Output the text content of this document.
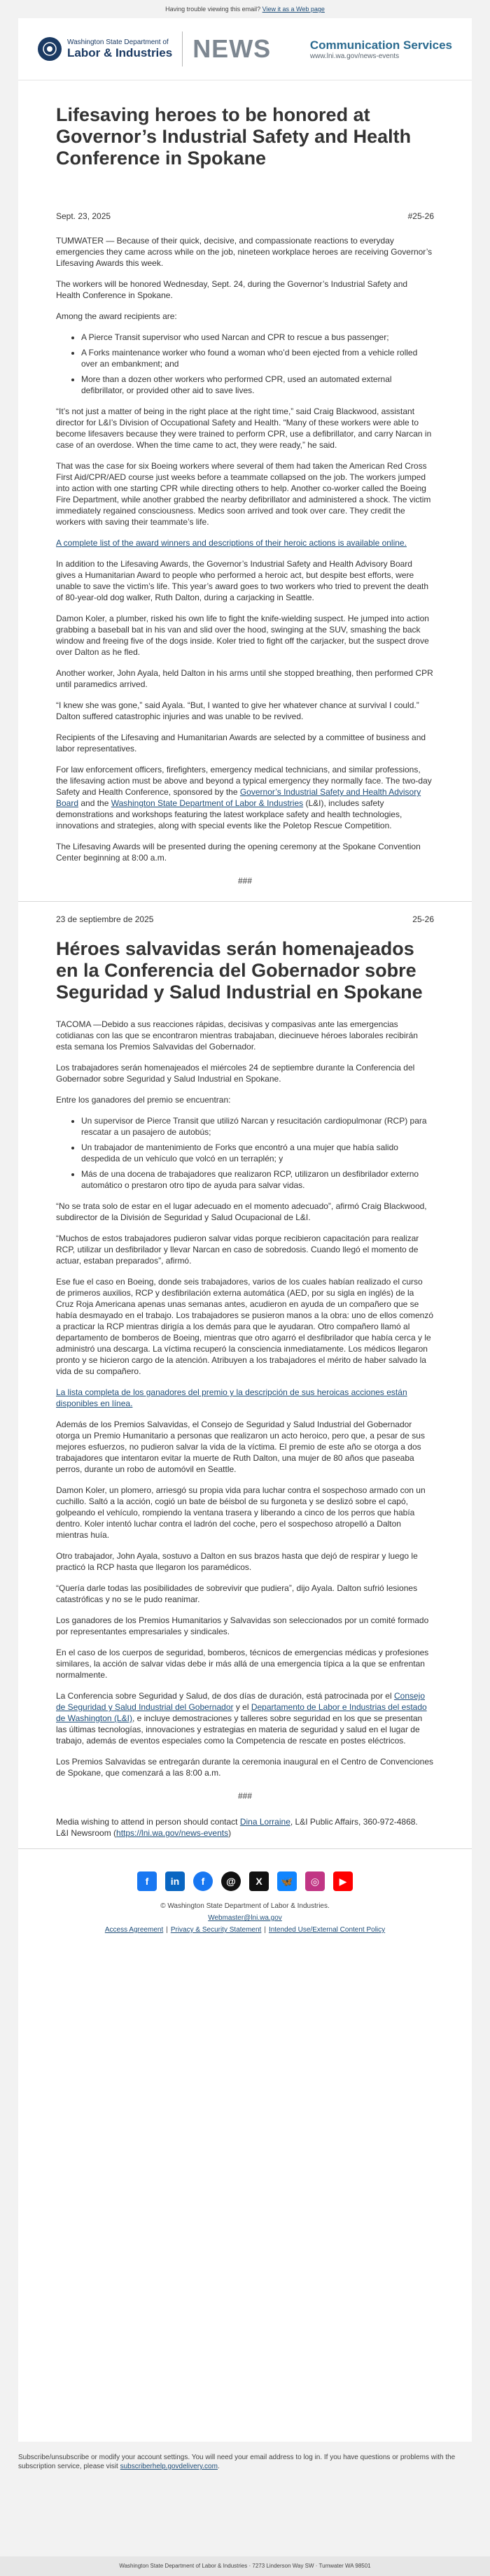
Having trouble viewing this email? View it as a Web page
Washington State Department of
Labor & Industries NEWS	Communication Services
www.lni.wa.gov/news-events
Lifesaving heroes to be honored at Governor’s Industrial Safety and Health Conference in Spokane
Sept. 23, 2025	#25-26

TUMWATER — Because of their quick, decisive, and compassionate reactions to everyday emergencies they came across while on the job, nineteen workplace heroes are receiving Governor’s Lifesaving Awards this week.

The workers will be honored Wednesday, Sept. 24, during the Governor’s Industrial Safety and Health Conference in Spokane.

Among the award recipients are:

• A Pierce Transit supervisor who used Narcan and CPR to rescue a bus passenger;
• A Forks maintenance worker who found a woman who’d been ejected from a vehicle rolled over an embankment; and
• More than a dozen other workers who performed CPR, used an automated external defibrillator, or provided other aid to save lives.

“It’s not just a matter of being in the right place at the right time,” said Craig Blackwood, assistant director for L&I’s Division of Occupational Safety and Health. “Many of these workers were able to become lifesavers because they were trained to perform CPR, use a defibrillator, and carry Narcan in case of an overdose. When the time came to act, they were ready,” he said.

That was the case for six Boeing workers where several of them had taken the American Red Cross First Aid/CPR/AED course just weeks before a teammate collapsed on the job. The workers jumped into action with one starting CPR while directing others to help. Another co-worker called the Boeing Fire Department, while another grabbed the nearby defibrillator and administered a shock. The victim immediately regained consciousness. Medics soon arrived and took over care. They credit the workers with saving their teammate’s life.

A complete list of the award winners and descriptions of their heroic actions is available online.

In addition to the Lifesaving Awards, the Governor’s Industrial Safety and Health Advisory Board gives a Humanitarian Award to people who performed a heroic act, but despite best efforts, were unable to save the victim’s life. This year’s award goes to two workers who tried to prevent the death of 80-year-old dog walker, Ruth Dalton, during a carjacking in Seattle.

Damon Koler, a plumber, risked his own life to fight the knife-wielding suspect. He jumped into action grabbing a baseball bat in his van and slid over the hood, swinging at the SUV, smashing the back window and freeing five of the dogs inside. Koler tried to fight off the carjacker, but the suspect drove over Dalton as he fled.

Another worker, John Ayala, held Dalton in his arms until she stopped breathing, then performed CPR until paramedics arrived.

“I knew she was gone,” said Ayala. “But, I wanted to give her whatever chance at survival I could.” Dalton suffered catastrophic injuries and was unable to be revived.

Recipients of the Lifesaving and Humanitarian Awards are selected by a committee of business and labor representatives.

For law enforcement officers, firefighters, emergency medical technicians, and similar professions, the lifesaving action must be above and beyond a typical emergency they normally face. The two-day Safety and Health Conference, sponsored by the Governor’s Industrial Safety and Health Advisory Board and the Washington State Department of Labor & Industries (L&I), includes safety demonstrations and workshops featuring the latest workplace safety and health technologies, innovations and strategies, along with special events like the Poletop Rescue Competition.

The Lifesaving Awards will be presented during the opening ceremony at the Spokane Convention Center beginning at 8:00 a.m.

###
23 de septiembre de 2025	25-26
Héroes salvavidas serán homenajeados en la Conferencia del Gobernador sobre Seguridad y Salud Industrial en Spokane

TACOMA —Debido a sus reacciones rápidas, decisivas y compasivas ante las emergencias cotidianas con las que se encontraron mientras trabajaban, diecinueve héroes laborales recibirán esta semana los Premios Salvavidas del Gobernador.

Los trabajadores serán homenajeados el miércoles 24 de septiembre durante la Conferencia del Gobernador sobre Seguridad y Salud Industrial en Spokane.

Entre los ganadores del premio se encuentran:

• Un supervisor de Pierce Transit que utilizó Narcan y resucitación cardiopulmonar (RCP) para rescatar a un pasajero de autobús;
• Un trabajador de mantenimiento de Forks que encontró a una mujer que había salido despedida de un vehículo que volcó en un terraplén; y
• Más de una docena de trabajadores que realizaron RCP, utilizaron un desfibrilador externo automático o prestaron otro tipo de ayuda para salvar vidas.

“No se trata solo de estar en el lugar adecuado en el momento adecuado”, afirmó Craig Blackwood, subdirector de la División de Seguridad y Salud Ocupacional de L&I.

“Muchos de estos trabajadores pudieron salvar vidas porque recibieron capacitación para realizar RCP, utilizar un desfibrilador y llevar Narcan en caso de sobredosis. Cuando llegó el momento de actuar, estaban preparados”, afirmó.

Ese fue el caso en Boeing, donde seis trabajadores, varios de los cuales habían realizado el curso de primeros auxilios, RCP y desfibrilación externa automática (AED, por su sigla en inglés) de la Cruz Roja Americana apenas unas semanas antes, acudieron en ayuda de un compañero que se había desmayado en el trabajo. Los trabajadores se pusieron manos a la obra: uno de ellos comenzó a practicar la RCP mientras dirigía a los demás para que le ayudaran. Otro compañero llamó al departamento de bomberos de Boeing, mientras que otro agarró el desfibrilador que había cerca y le administró una descarga. La víctima recuperó la consciencia inmediatamente. Los médicos llegaron pronto y se hicieron cargo de la atención. Atribuyen a los trabajadores el mérito de haber salvado la vida de su compañero.

La lista completa de los ganadores del premio y la descripción de sus heroicas acciones están disponibles en línea.

Además de los Premios Salvavidas, el Consejo de Seguridad y Salud Industrial del Gobernador otorga un Premio Humanitario a personas que realizaron un acto heroico, pero que, a pesar de sus mejores esfuerzos, no pudieron salvar la vida de la víctima. El premio de este año se otorga a dos trabajadores que intentaron evitar la muerte de Ruth Dalton, una mujer de 80 años que paseaba perros, durante un robo de automóvil en Seattle.

Damon Koler, un plomero, arriesgó su propia vida para luchar contra el sospechoso armado con un cuchillo. Saltó a la acción, cogió un bate de béisbol de su furgoneta y se deslizó sobre el capó, golpeando el vehículo, rompiendo la ventana trasera y liberando a cinco de los perros que había dentro. Koler intentó luchar contra el ladrón del coche, pero el sospechoso atropelló a Dalton mientras huía.

Otro trabajador, John Ayala, sostuvo a Dalton en sus brazos hasta que dejó de respirar y luego le practicó la RCP hasta que llegaron los paramédicos.

“Quería darle todas las posibilidades de sobrevivir que pudiera”, dijo Ayala. Dalton sufrió lesiones catastróficas y no se le pudo reanimar.

Los ganadores de los Premios Humanitarios y Salvavidas son seleccionados por un comité formado por representantes empresariales y sindicales.

En el caso de los cuerpos de seguridad, bomberos, técnicos de emergencias médicas y profesiones similares, la acción de salvar vidas debe ir más allá de una emergencia típica a la que se enfrentan normalmente.

La Conferencia sobre Seguridad y Salud, de dos días de duración, está patrocinada por el Consejo de Seguridad y Salud Industrial del Gobernador y el Departamento de Labor e Industrias del estado de Washington (L&I), e incluye demostraciones y talleres sobre seguridad en los que se presentan las últimas tecnologías, innovaciones y estrategias en materia de seguridad y salud en el lugar de trabajo, además de eventos especiales como la Competencia de rescate en postes eléctricos.

Los Premios Salvavidas se entregarán durante la ceremonia inaugural en el Centro de Convenciones de Spokane, que comenzará a las 8:00 a.m.

###

Media wishing to attend in person should contact Dina Lorraine, L&I Public Affairs, 360-972-4868.
L&I Newsroom (https://lni.wa.gov/news-events)

f	in	f	@	X	🦋	◎	▶
© Washington State Department of Labor & Industries.
Webmaster@lni.wa.gov
Access Agreement | Privacy & Security Statement | Intended Use/External Content Policy
Subscribe/unsubscribe or modify your account settings. You will need your email address to log in. If you have questions or problems with the subscription service, please visit subscriberhelp.govdelivery.com.
Washington State Department of Labor & Industries · 7273 Linderson Way SW · Tumwater WA 98501
